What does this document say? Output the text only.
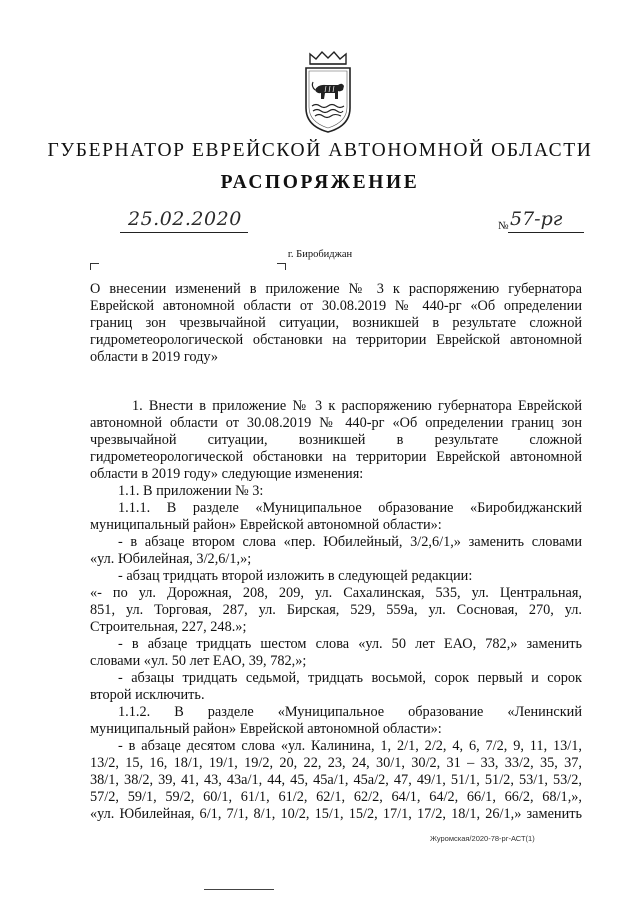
ГУБЕРНАТОР ЕВРЕЙСКОЙ АВТОНОМНОЙ ОБЛАСТИ
РАСПОРЯЖЕНИЕ
25.02.2020	№ 57-рг
г. Биробиджан
О внесении изменений в приложение № 3 к распоряжению губернатора
Еврейской автономной области от 30.08.2019 № 440-рг «Об определении
границ зон чрезвычайной ситуации, возникшей в результате сложной
гидрометеорологической обстановки на территории Еврейской автономной
области в 2019 году»
1. Внести в приложение № 3 к распоряжению губернатора Еврейской
автономной области от 30.08.2019 № 440-рг «Об определении границ зон
чрезвычайной ситуации, возникшей в результате сложной
гидрометеорологической обстановки на территории Еврейской автономной
области в 2019 году» следующие изменения:
1.1. В приложении № 3:
1.1.1. В разделе «Муниципальное образование «Биробиджанский
муниципальный район» Еврейской автономной области»:
- в абзаце втором слова «пер. Юбилейный, 3/2,6/1,» заменить словами
«ул. Юбилейная, 3/2,6/1,»;
- абзац тридцать второй изложить в следующей редакции:
«- по ул. Дорожная, 208, 209, ул. Сахалинская, 535, ул. Центральная,
851, ул. Торговая, 287, ул. Бирская, 529, 559а, ул. Сосновая, 270, ул.
Строительная, 227, 248.»;
- в абзаце тридцать шестом слова «ул. 50 лет ЕАО, 782,» заменить
словами «ул. 50 лет ЕАО, 39, 782,»;
- абзацы тридцать седьмой, тридцать восьмой, сорок первый и сорок
второй исключить.
1.1.2. В разделе «Муниципальное образование «Ленинский
муниципальный район» Еврейской автономной области»:
- в абзаце десятом слова «ул. Калинина, 1, 2/1, 2/2, 4, 6, 7/2, 9, 11, 13/1,
13/2, 15, 16, 18/1, 19/1, 19/2, 20, 22, 23, 24, 30/1, 30/2, 31 – 33, 33/2, 35, 37,
38/1, 38/2, 39, 41, 43, 43а/1, 44, 45, 45а/1, 45а/2, 47, 49/1, 51/1, 51/2, 53/1, 53/2,
57/2, 59/1, 59/2, 60/1, 61/1, 61/2, 62/1, 62/2, 64/1, 64/2, 66/1, 66/2, 68/1,»,
«ул. Юбилейная, 6/1, 7/1, 8/1, 10/2, 15/1, 15/2, 17/1, 17/2, 18/1, 26/1,» заменить
Журомская/2020-78-рг-АСТ(1)
